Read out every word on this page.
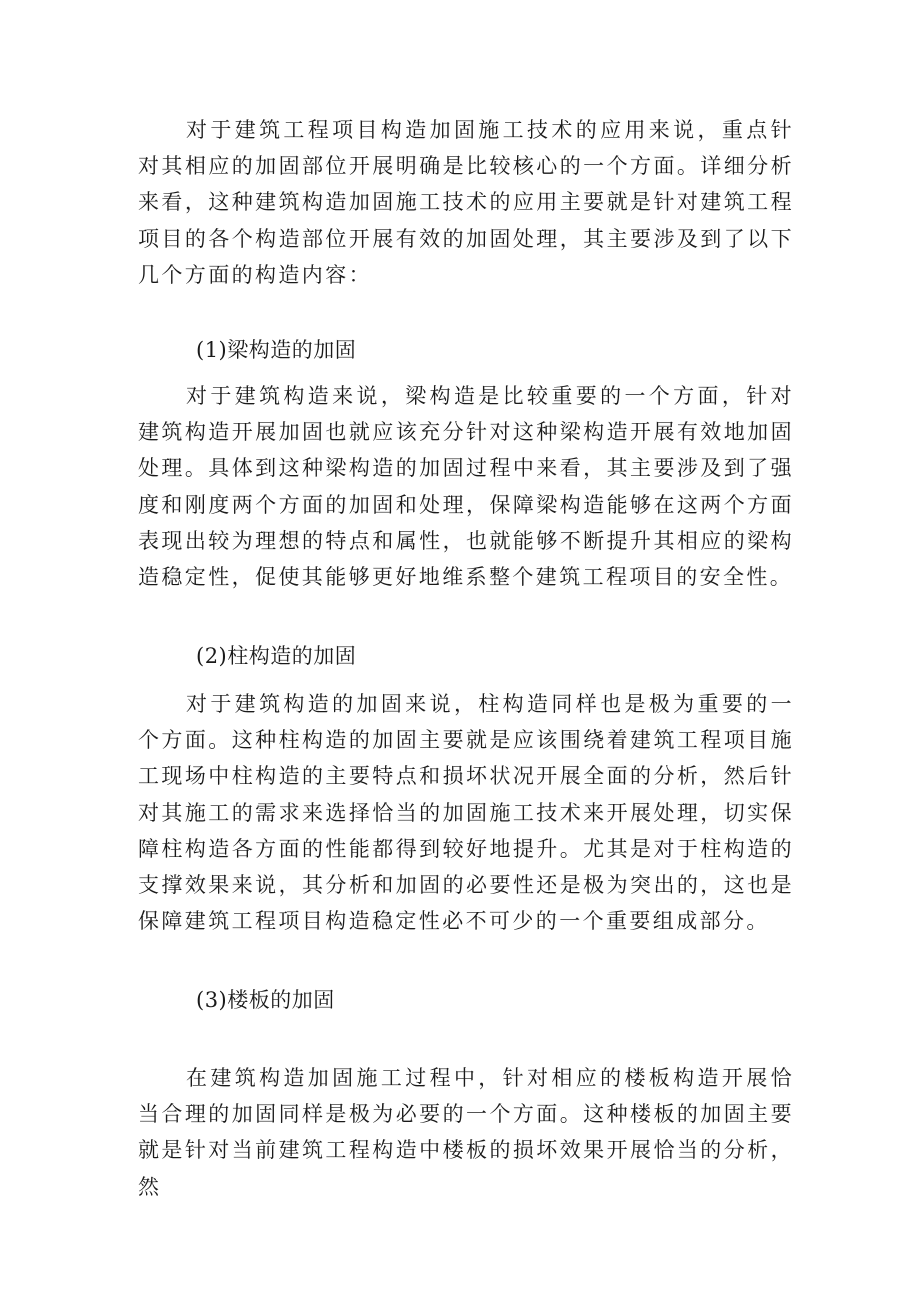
对于建筑工程项目构造加固施工技术的应用来说，重点针对其相应的加固部位开展明确是比较核心的一个方面。详细分析来看，这种建筑构造加固施工技术的应用主要就是针对建筑工程项目的各个构造部位开展有效的加固处理，其主要涉及到了以下几个方面的构造内容：

(1)梁构造的加固

对于建筑构造来说，梁构造是比较重要的一个方面，针对建筑构造开展加固也就应该充分针对这种梁构造开展有效地加固处理。具体到这种梁构造的加固过程中来看，其主要涉及到了强度和刚度两个方面的加固和处理，保障梁构造能够在这两个方面表现出较为理想的特点和属性，也就能够不断提升其相应的梁构造稳定性，促使其能够更好地维系整个建筑工程项目的安全性。

(2)柱构造的加固

对于建筑构造的加固来说，柱构造同样也是极为重要的一个方面。这种柱构造的加固主要就是应该围绕着建筑工程项目施工现场中柱构造的主要特点和损坏状况开展全面的分析，然后针对其施工的需求来选择恰当的加固施工技术来开展处理，切实保障柱构造各方面的性能都得到较好地提升。尤其是对于柱构造的支撑效果来说，其分析和加固的必要性还是极为突出的，这也是保障建筑工程项目构造稳定性必不可少的一个重要组成部分。

(3)楼板的加固

在建筑构造加固施工过程中，针对相应的楼板构造开展恰当合理的加固同样是极为必要的一个方面。这种楼板的加固主要就是针对当前建筑工程构造中楼板的损坏效果开展恰当的分析，然
